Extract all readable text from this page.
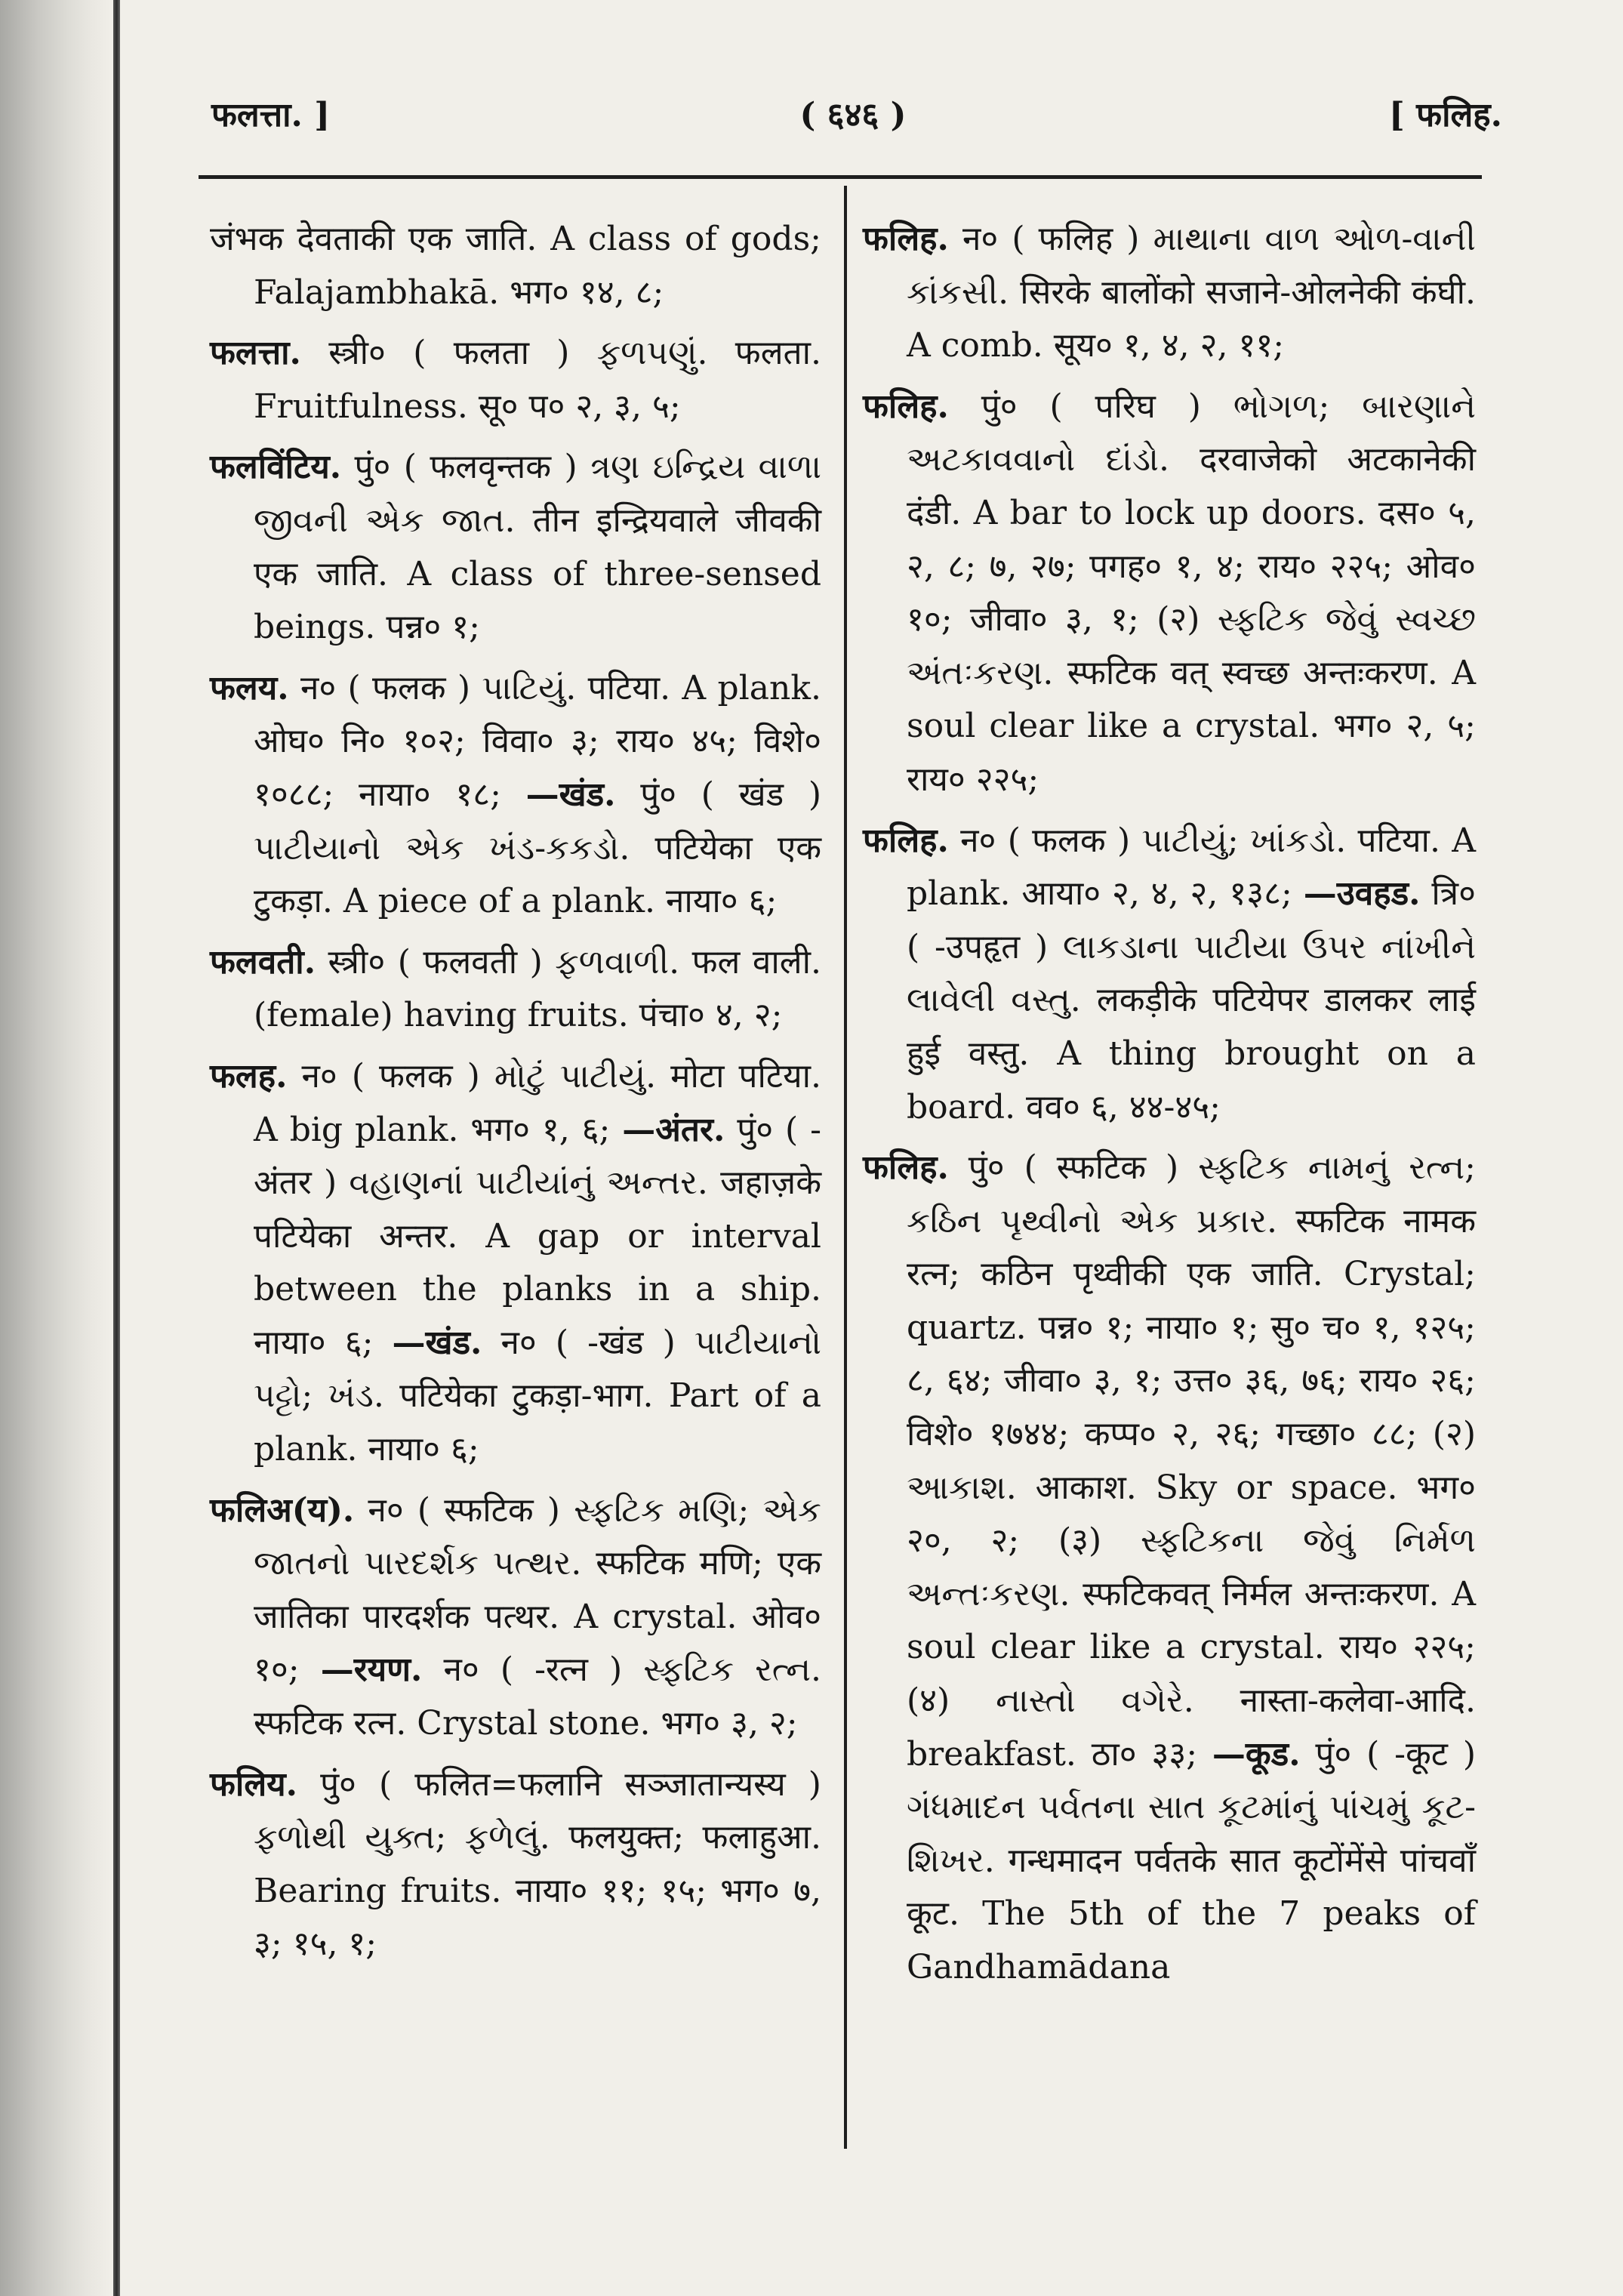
फलत्ता. ]	( ६४६ )	[ फलिह.

जंभक देवताकी एक जाति. A class of gods; Falajambhakā. भग० १४, ८;

फलत्ता. स्त्री० ( फलता ) ફળપણું. फलता. Fruitfulness. सू० प० २, ३, ५;

फलविंटिय. पुं० ( फलवृन्तक ) ત્રણ ઇન્દ્રિય વાળા જીવની એક જાત. तीन इन्द्रियवाले जीवकी एक जाति. A class of three-sensed beings. पन्न० १;

फलय. न० ( फलक ) પાટિયું. पटिया. A plank. ओघ० नि० १०२; विवा० ३; राय० ४५; विशे० १०८८; नाया० १८; —खंड. पुं० ( खंड ) પાટીયાનો એક ખંડ-કકડો. पटियेका एक टुकड़ा. A piece of a plank. नाया० ६;

फलवती. स्त्री० ( फलवती ) ફળવાળી. फल वाली. (female) having fruits. पंचा० ४, २;

फलह. न० ( फलक ) મોટું પાટીયું. मोटा पटिया. A big plank. भग० १, ६; —अंतर. पुं० ( -अंतर ) વહાણનાં પાટીયાંનું અન્તર. जहाज़के पटियेका अन्तर. A gap or interval between the planks in a ship. नाया० ६; —खंड. न० ( -खंड ) પાટીયાનો પટ્ટો; ખંડ. पटियेका टुकड़ा-भाग. Part of a plank. नाया० ६;

फलिअ(य). न० ( स्फटिक ) સ્ફટિક મણિ; એક જાતનો પારદર્શક પત્થર. स्फटिक मणि; एक जातिका पारदर्शक पत्थर. A crystal. ओव० १०; —रयण. न० ( -रत्न ) સ્ફટિક રત્ન. स्फटिक रत्न. Crystal stone. भग० ३, २;

फलिय. पुं० ( फलित=फलानि सञ्जातान्यस्य ) ફળોથી યુક્ત; ફળેલું. फलयुक्त; फलाहुआ. Bearing fruits. नाया० ११; १५; भग० ७, ३; १५, १;

फलिह. न० ( फलिह ) માથાના વાળ ઓળ-વાની કાંકસી. सिरके बालोंको सजाने-ओलनेकी कंघी. A comb. सूय० १, ४, २, ११;

फलिह. पुं० ( परिघ ) ભોગળ; બારણાને અટકાવવાનો દાંડો. दरवाजेको अटकानेकी दंडी. A bar to lock up doors. दस० ५, २, ८; ७, २७; पगह० १, ४; राय० २२५; ओव० १०; जीवा० ३, १; (२) સ્ફટિક જેવું સ્વચ્છ અંતઃકરણ. स्फटिक वत् स्वच्छ अन्तःकरण. A soul clear like a crystal. भग० २, ५; राय० २२५;

फलिह. न० ( फलक ) પાટીયું; ખાંકડો. पटिया. A plank. आया० २, ४, २, १३८; —उवहड. त्रि० ( -उपहृत ) લાકડાના પાટીયા ઉપર નાંખીને લાવેલી વસ્તુ. लकड़ीके पटियेपर डालकर लाई हुई वस्तु. A thing brought on a board. वव० ६, ४४-४५;

फलिह. पुं० ( स्फटिक ) સ્ફટિક નામનું રત્ન; કઠિન પૃથ્વીનો એક પ્રકાર. स्फटिक नामक रत्न; कठिन पृथ्वीकी एक जाति. Crystal; quartz. पन्न० १; नाया० १; सु० च० १, १२५; ८, ६४; जीवा० ३, १; उत्त० ३६, ७६; राय० २६; विशे० १७४४; कप्प० २, २६; गच्छा० ८८; (२) આકાશ. आकाश. Sky or space. भग० २०, २; (३) સ્ફટિકના જેવું નિર્મળ અન્તઃકરણ. स्फटिकवत् निर्मल अन्तःकरण. A soul clear like a crystal. राय० २२५; (४) નાસ્તો વગેરે. नास्ता-कलेवा-आदि. breakfast. ठा० ३३; —कूड. पुं० ( -कूट ) ગંધમાદન પર્વતના સાત કૂટમાંનું પાંચમું કૂટ-શિખર. गन्धमादन पर्वतके सात कूटोंमेंसे पांचवाँ कूट. The 5th of the 7 peaks of Gandhamādana
